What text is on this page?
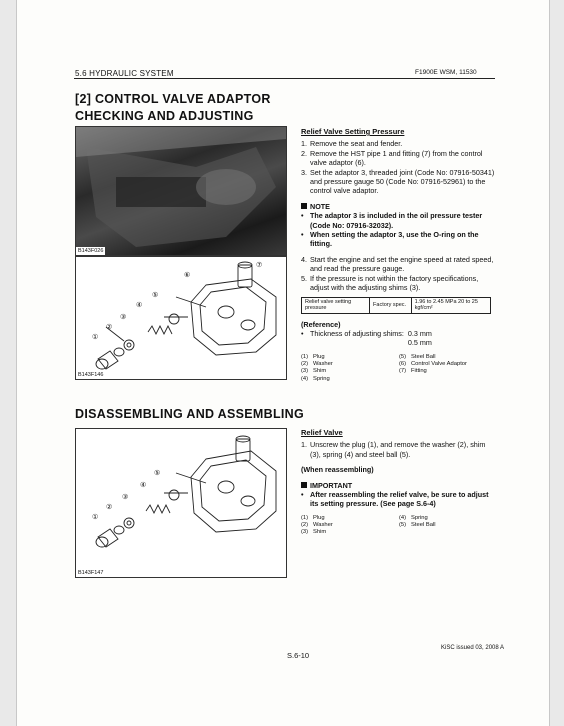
5.6 HYDRAULIC SYSTEM	F1900E WSM, 11530
[2] CONTROL VALVE ADAPTOR
CHECKING AND ADJUSTING
B143F026
①
②
③
④
⑤
⑥
⑦
B143F146
Relief Valve Setting Pressure
1. Remove the seat and fender.
2. Remove the HST pipe 1 and fitting (7) from the control valve adaptor (6).
3. Set the adaptor 3, threaded joint (Code No: 07916-50341) and pressure gauge 50 (Code No: 07916-52961) to the control valve adaptor.
NOTE
• The adaptor 3 is included in the oil pressure tester (Code No: 07916-32032).
• When setting the adaptor 3, use the O-ring on the fitting.
4. Start the engine and set the engine speed at rated speed, and read the pressure gauge.
5. If the pressure is not within the factory specifications, adjust with the adjusting shims (3).
Relief valve setting pressure	Factory spec.	1.96 to 2.45 MPa 20 to 25 kgf/cm²
(Reference)
• Thickness of adjusting shims: 0.3 mm
0.5 mm
(1) Plug	(5) Steel Ball
(2) Washer	(6) Control Valve Adaptor
(3) Shim	(7) Fitting
(4) Spring
DISASSEMBLING AND ASSEMBLING
①
②
③
④
⑤
B143F147
Relief Valve
1. Unscrew the plug (1), and remove the washer (2), shim (3), spring (4) and steel ball (5).
(When reassembling)
IMPORTANT
• After reassembling the relief valve, be sure to adjust its setting pressure. (See page S.6-4)
(1) Plug	(4) Spring
(2) Washer	(5) Steel Ball
(3) Shim
KiSC issued 03, 2008 A
S.6-10
